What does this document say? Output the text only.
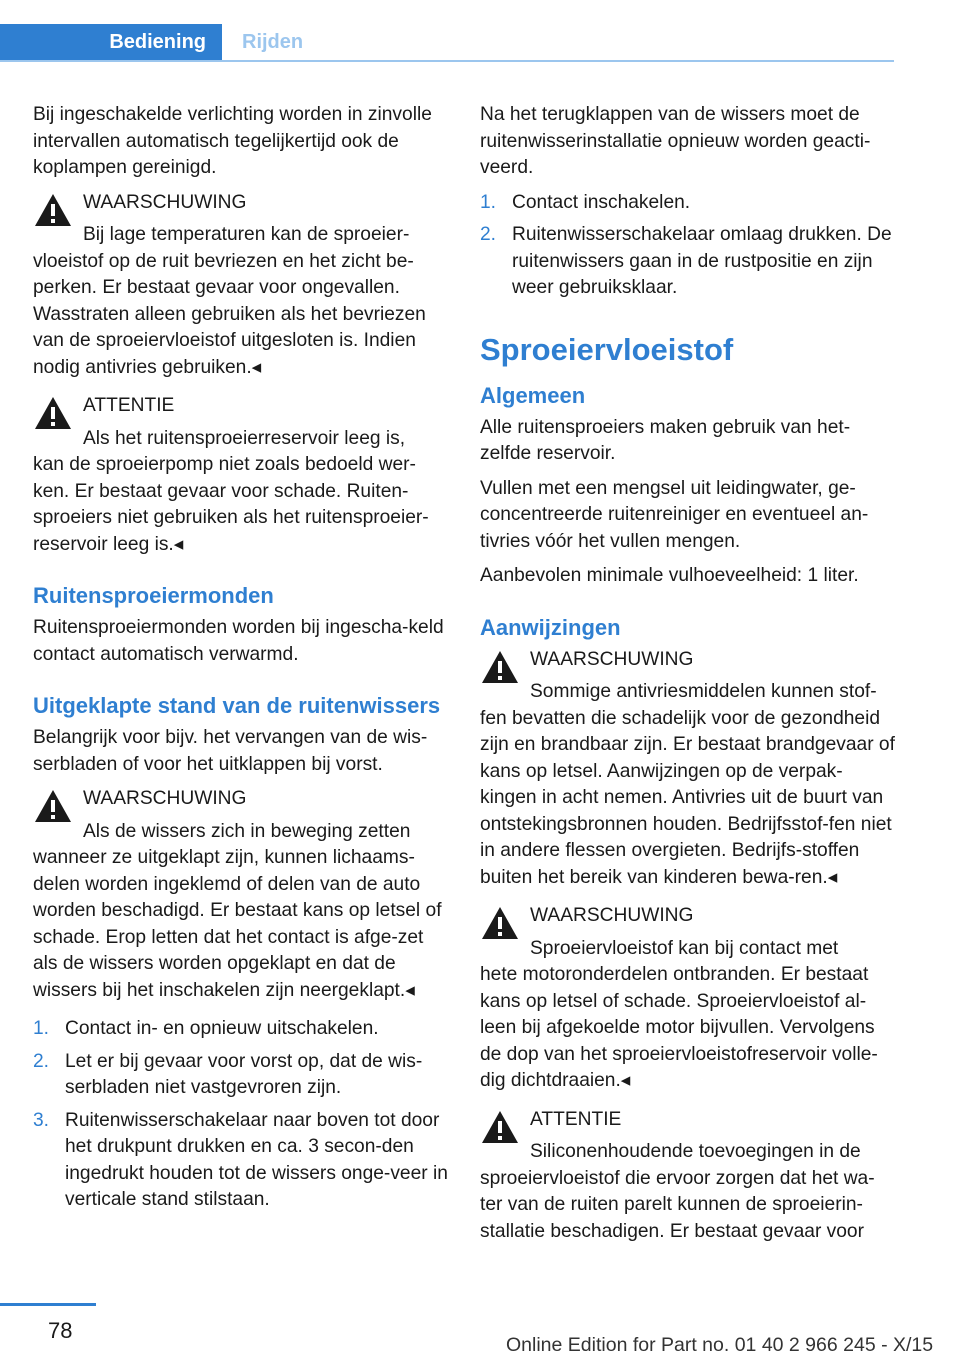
Bediening Rijden

Bij ingeschakelde verlichting worden in zinvolle intervallen automatisch tegelijkertijd ook de koplampen gereinigd.

WAARSCHUWING
Bij lage temperaturen kan de sproeier-
vloeistof op de ruit bevriezen en het zicht be-perken. Er bestaat gevaar voor ongevallen. Wasstraten alleen gebruiken als het bevriezen van de sproeiervloeistof uitgesloten is. Indien nodig antivries gebruiken.◂
ATTENTIE
Als het ruitensproeierreservoir leeg is,
kan de sproeierpomp niet zoals bedoeld wer-ken. Er bestaat gevaar voor schade. Ruiten-sproeiers niet gebruiken als het ruitensproeier-reservoir leeg is.◂
Ruitensproeiermonden

Ruitensproeiermonden worden bij ingescha-keld contact automatisch verwarmd.

Uitgeklapte stand van de ruitenwissers

Belangrijk voor bijv. het vervangen van de wis-serbladen of voor het uitklappen bij vorst.

WAARSCHUWING
Als de wissers zich in beweging zetten
wanneer ze uitgeklapt zijn, kunnen lichaams-delen worden ingeklemd of delen van de auto worden beschadigd. Er bestaat kans op letsel of schade. Erop letten dat het contact is afge-zet als de wissers worden opgeklapt en dat de wissers bij het inschakelen zijn neergeklapt.◂
1. Contact in- en opnieuw uitschakelen.
2. Let er bij gevaar voor vorst op, dat de wis-serbladen niet vastgevroren zijn.
3. Ruitenwisserschakelaar naar boven tot door het drukpunt drukken en ca. 3 secon-den ingedrukt houden tot de wissers onge-veer in verticale stand stilstaan.

Na het terugklappen van de wissers moet de ruitenwisserinstallatie opnieuw worden geacti-veerd.

1. Contact inschakelen.
2. Ruitenwisserschakelaar omlaag drukken. De ruitenwissers gaan in de rustpositie en zijn weer gebruiksklaar.
Sproeiervloeistof
Algemeen

Alle ruitensproeiers maken gebruik van het-zelfde reservoir.

Vullen met een mengsel uit leidingwater, ge-concentreerde ruitenreiniger en eventueel an-tivries vóór het vullen mengen.

Aanbevolen minimale vulhoeveelheid: 1 liter.

Aanwijzingen
WAARSCHUWING
Sommige antivriesmiddelen kunnen stof-
fen bevatten die schadelijk voor de gezondheid zijn en brandbaar zijn. Er bestaat brandgevaar of kans op letsel. Aanwijzingen op de verpak-kingen in acht nemen. Antivries uit de buurt van ontstekingsbronnen houden. Bedrijfsstof-fen niet in andere flessen overgieten. Bedrijfs-stoffen buiten het bereik van kinderen bewa-ren.◂
WAARSCHUWING
Sproeiervloeistof kan bij contact met
hete motoronderdelen ontbranden. Er bestaat kans op letsel of schade. Sproeiervloeistof al-leen bij afgekoelde motor bijvullen. Vervolgens de dop van het sproeiervloeistofreservoir volle-dig dichtdraaien.◂
ATTENTIE
Siliconenhoudende toevoegingen in de
sproeiervloeistof die ervoor zorgen dat het wa-ter van de ruiten parelt kunnen de sproeierin-stallatie beschadigen. Er bestaat gevaar voor
78
Online Edition for Part no. 01 40 2 966 245 - X/15
